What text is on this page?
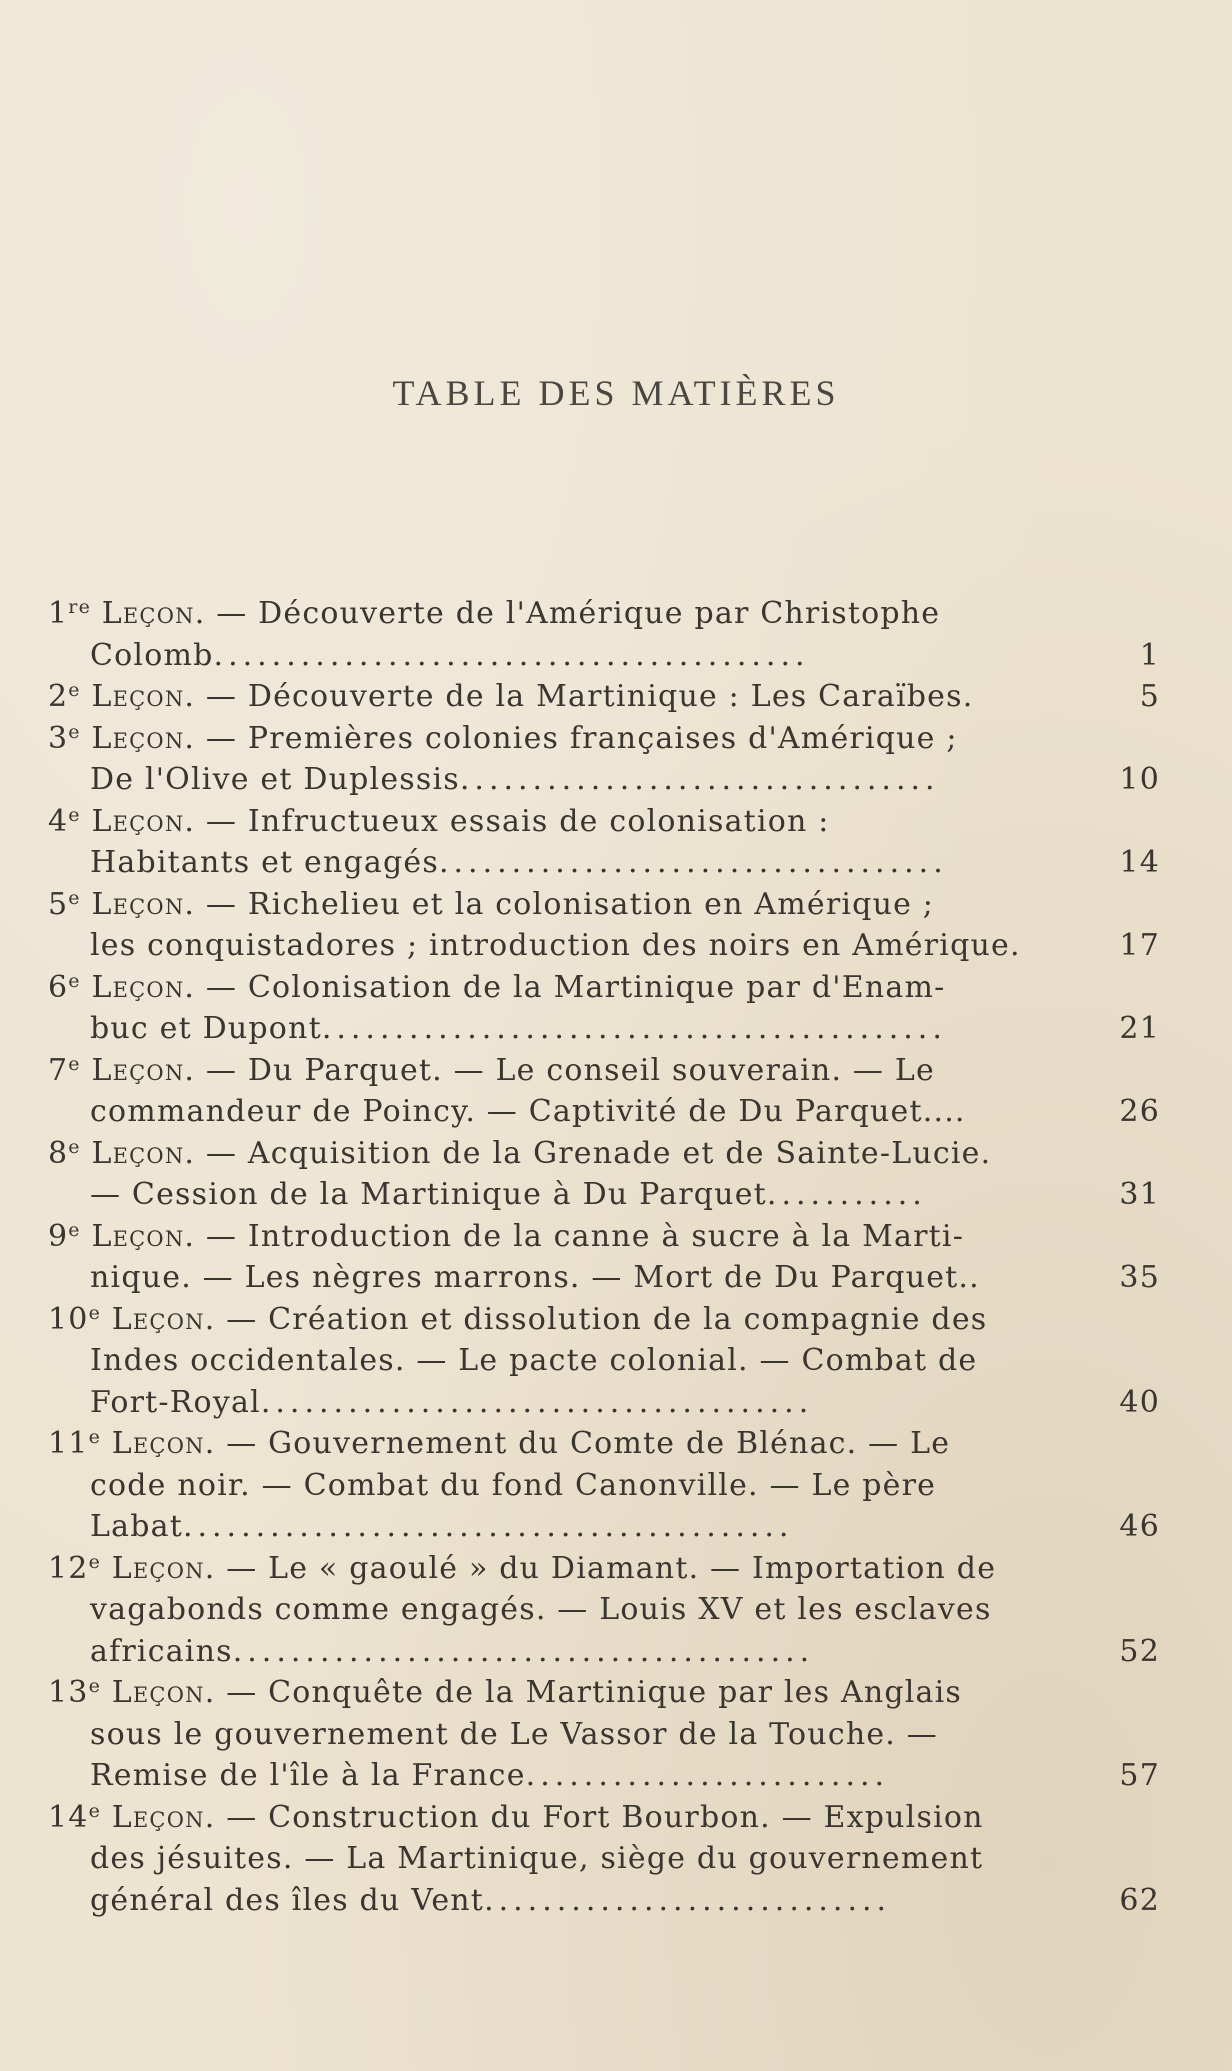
TABLE DES MATIÈRES
1re Leçon. — Découverte de l'Amérique par Christophe
Colomb.........................................	1
2e Leçon. — Découverte de la Martinique : Les Caraïbes.	5
3e Leçon. — Premières colonies françaises d'Amérique ;
De l'Olive et Duplessis.................................	10
4e Leçon. — Infructueux essais de colonisation :
Habitants et engagés...................................	14
5e Leçon. — Richelieu et la colonisation en Amérique ;
les conquistadores ; introduction des noirs en Amérique.	17
6e Leçon. — Colonisation de la Martinique par d'Enam-
buc et Dupont...........................................	21
7e Leçon. — Du Parquet. — Le conseil souverain. — Le
commandeur de Poincy. — Captivité de Du Parquet....	26
8e Leçon. — Acquisition de la Grenade et de Sainte-Lucie.
— Cession de la Martinique à Du Parquet...........	31
9e Leçon. — Introduction de la canne à sucre à la Marti-
nique. — Les nègres marrons. — Mort de Du Parquet..	35
10e Leçon. — Création et dissolution de la compagnie des
Indes occidentales. — Le pacte colonial. — Combat de
Fort-Royal......................................	40
11e Leçon. — Gouvernement du Comte de Blénac. — Le
code noir. — Combat du fond Canonville. — Le père
Labat..........................................	46
12e Leçon. — Le « gaoulé » du Diamant. — Importation de
vagabonds comme engagés. — Louis XV et les esclaves
africains........................................	52
13e Leçon. — Conquête de la Martinique par les Anglais
sous le gouvernement de Le Vassor de la Touche. —
Remise de l'île à la France.........................	57
14e Leçon. — Construction du Fort Bourbon. — Expulsion
des jésuites. — La Martinique, siège du gouvernement
général des îles du Vent............................	62
